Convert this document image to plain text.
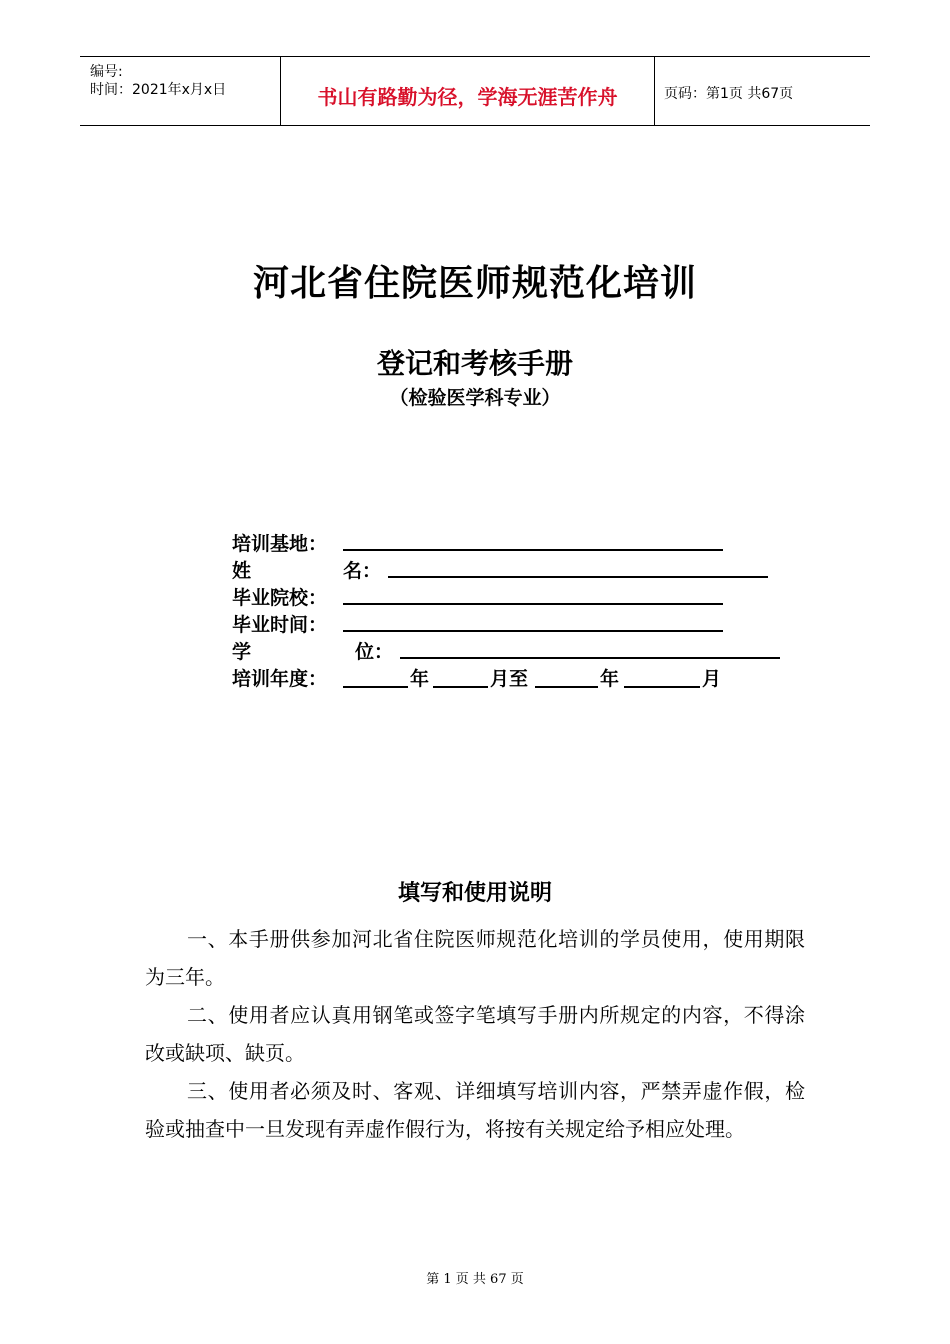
编号:
时间：2021年x月x日	书山有路勤为径，学海无涯苦作舟	页码：第1页 共67页
河北省住院医师规范化培训
登记和考核手册
（检验医学科专业）
培训基地：
姓	名：
毕业院校：
毕业时间：
学	位：
培训年度：	年	月至	年	月
填写和使用说明
一、本手册供参加河北省住院医师规范化培训的学员使用，使用期限为三年。
二、使用者应认真用钢笔或签字笔填写手册内所规定的内容，不得涂改或缺项、缺页。
三、使用者必须及时、客观、详细填写培训内容，严禁弄虚作假，检验或抽查中一旦发现有弄虚作假行为，将按有关规定给予相应处理。
第 1 页 共 67 页
